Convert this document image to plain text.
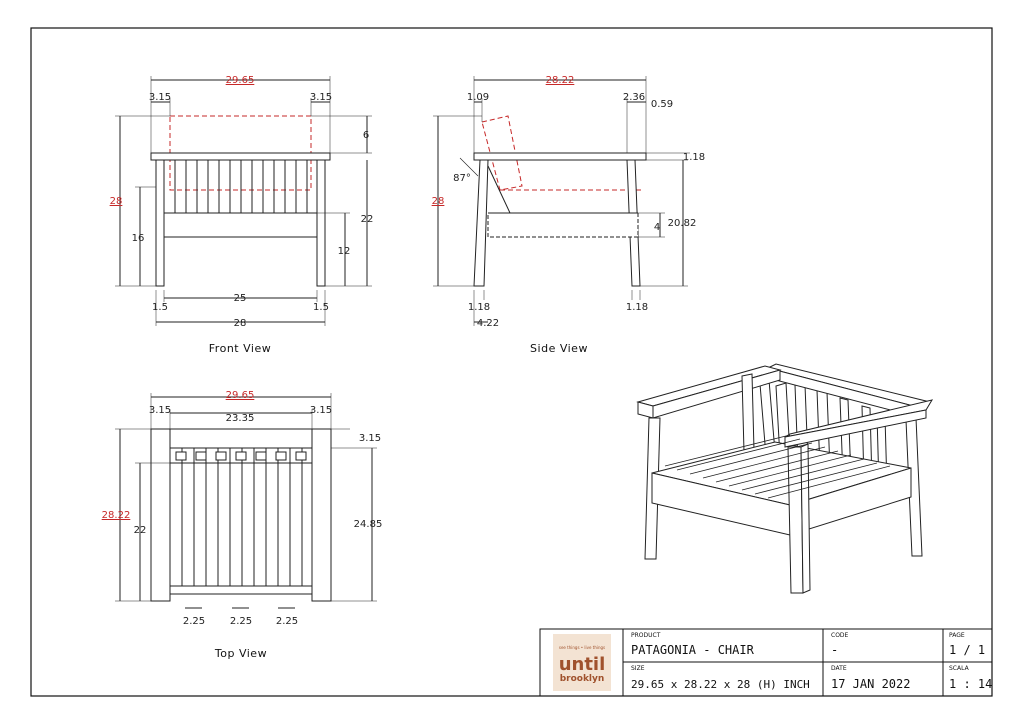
29.65
3.15	3.15
6
28
16
22
12
25
1.5	1.5
28
Front View
28.22
1.09	2.36
0.59
1.18
87°
28
4 20.82
1.18	1.18
4.22
Side View
29.65
3.15
23.35
3.15
3.15
28.22
22
24.85
2.25 2.25 2.25
Top View	see things • live things
until
brooklyn
PRODUCT
PATAGONIA - CHAIR
CODE
-
PAGE
1 / 1
SIZE
29.65 x 28.22 x 28 (H) INCH
DATE
17 JAN 2022
SCALA
1 : 14
